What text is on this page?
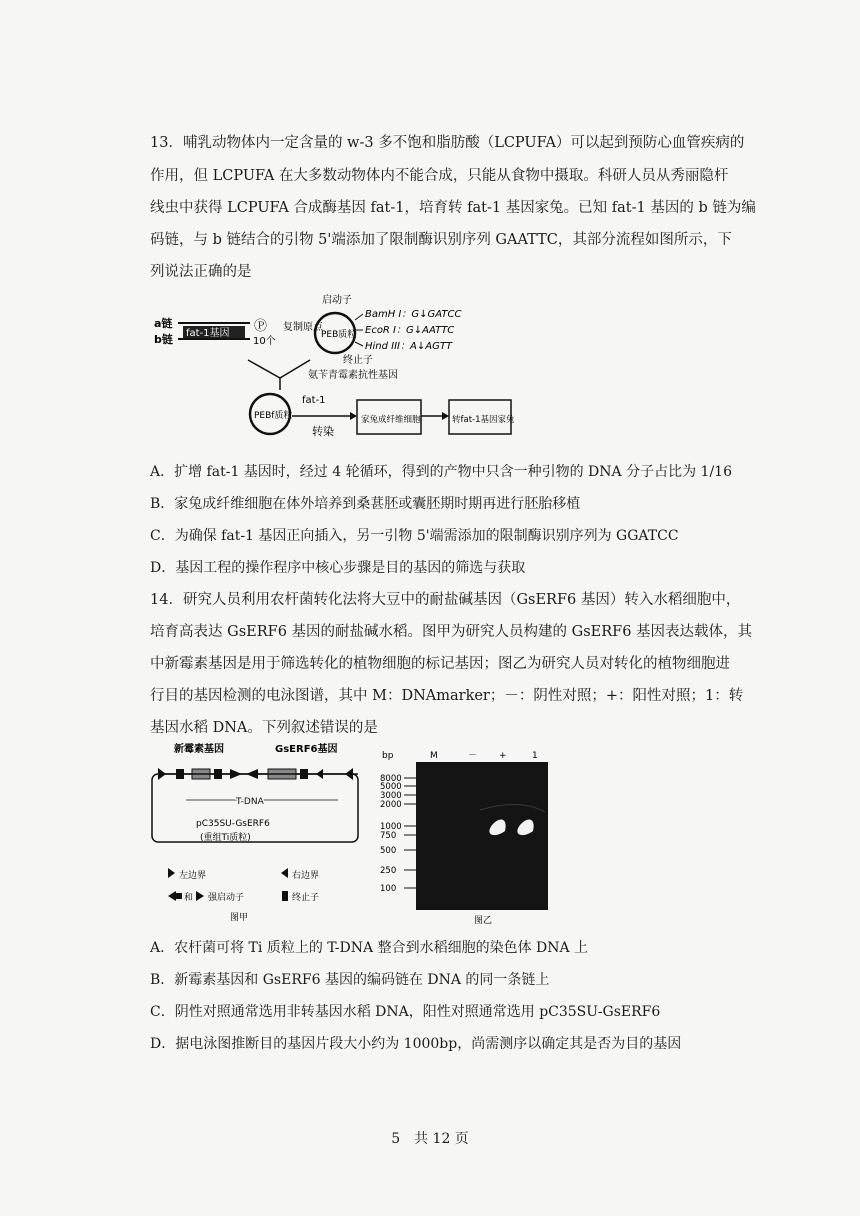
13．哺乳动物体内一定含量的 w-3 多不饱和脂肪酸（LCPUFA）可以起到预防心血管疾病的
作用，但 LCPUFA 在大多数动物体内不能合成，只能从食物中摄取。科研人员从秀丽隐杆
线虫中获得 LCPUFA 合成酶基因 fat-1，培育转 fat-1 基因家兔。已知 fat-1 基因的 b 链为编
码链，与 b 链结合的引物 5'端添加了限制酶识别序列 GAATTC，其部分流程如图所示，下
列说法正确的是
a链
b链 fat-1基因 Ⓟ
10个
复制原点
启动子
PEB质粒
BamH I：G↓GATCC
EcoR I：G↓AATTC
Hind III：A↓AGTT
终止子
氨苄青霉素抗性基因
PEBf质粒
fat-1
转染
家兔成纤维细胞	转fat-1基因家兔
A．扩增 fat-1 基因时，经过 4 轮循环，得到的产物中只含一种引物的 DNA 分子占比为 1/16
B．家兔成纤维细胞在体外培养到桑葚胚或囊胚期时期再进行胚胎移植
C．为确保 fat-1 基因正向插入，另一引物 5'端需添加的限制酶识别序列为 GGATCC
D．基因工程的操作程序中核心步骤是目的基因的筛选与获取
14．研究人员利用农杆菌转化法将大豆中的耐盐碱基因（GsERF6 基因）转入水稻细胞中，
培育高表达 GsERF6 基因的耐盐碱水稻。图甲为研究人员构建的 GsERF6 基因表达载体，其
中新霉素基因是用于筛选转化的植物细胞的标记基因；图乙为研究人员对转化的植物细胞进
行目的基因检测的电泳图谱，其中 M：DNAmarker；－：阴性对照；+：阳性对照；1：转
基因水稻 DNA。下列叙述错误的是
新霉素基因	GsERF6基因
T-DNA
pC35SU-GsERF6
(重组Ti质粒)
左边界	右边界
和 强启动子	终止子
图甲
bp	M	－ +	1
8000
5000
3000
2000
1000
750
500
250
100
图乙
A．农杆菌可将 Ti 质粒上的 T-DNA 整合到水稻细胞的染色体 DNA 上
B．新霉素基因和 GsERF6 基因的编码链在 DNA 的同一条链上
C．阴性对照通常选用非转基因水稻 DNA，阳性对照通常选用 pC35SU-GsERF6
D．据电泳图推断目的基因片段大小约为 1000bp，尚需测序以确定其是否为目的基因
5　共 12 页
